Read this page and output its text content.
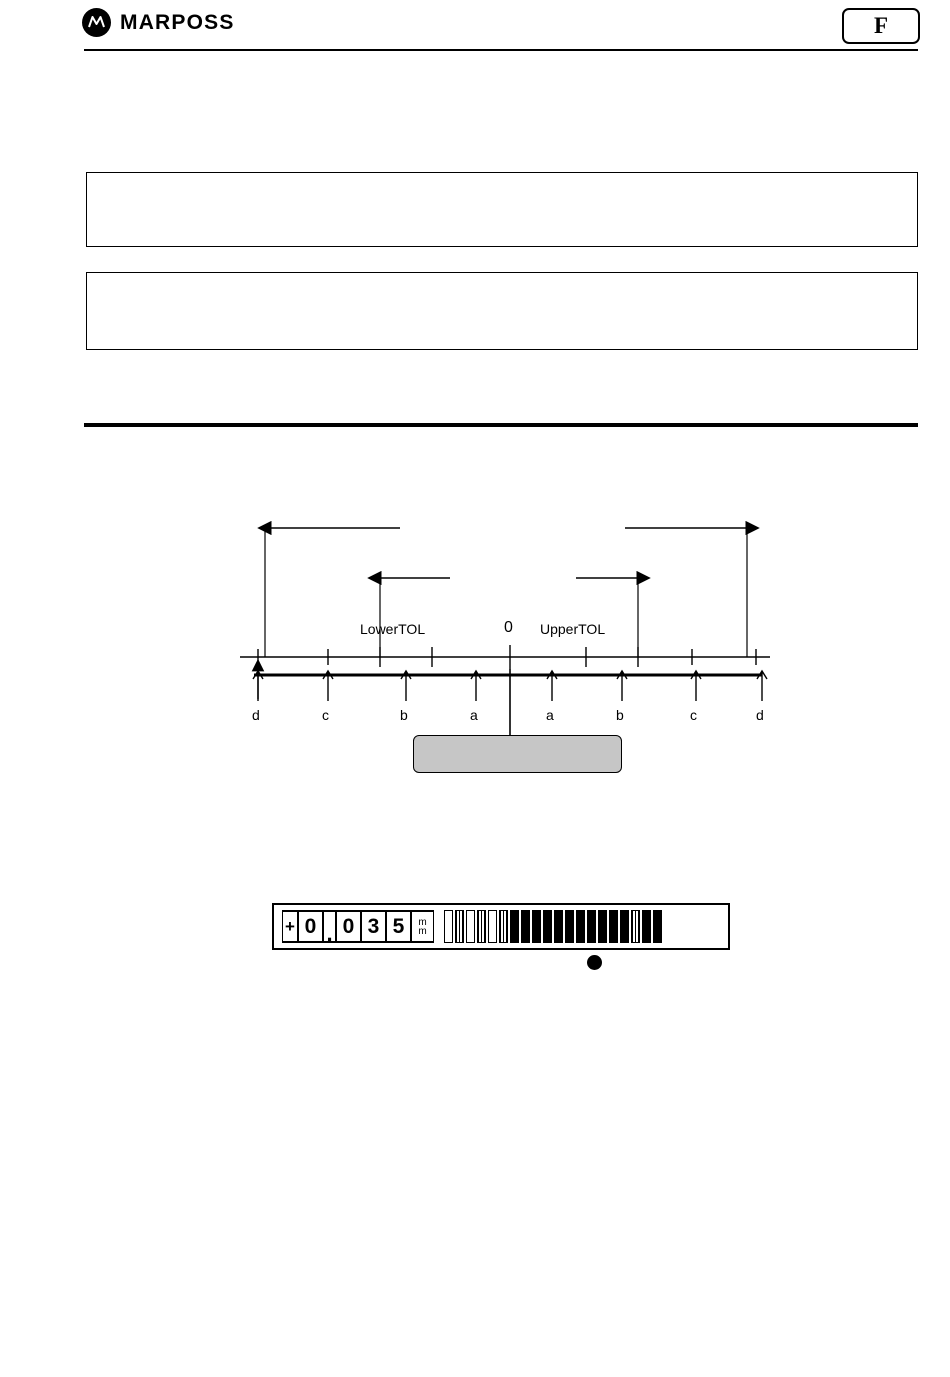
MARPOSS	F
LowerTOL	0 UpperTOL
d	c	b	a	a	b	c	d
+ 0 . 0 3 5	m
m
